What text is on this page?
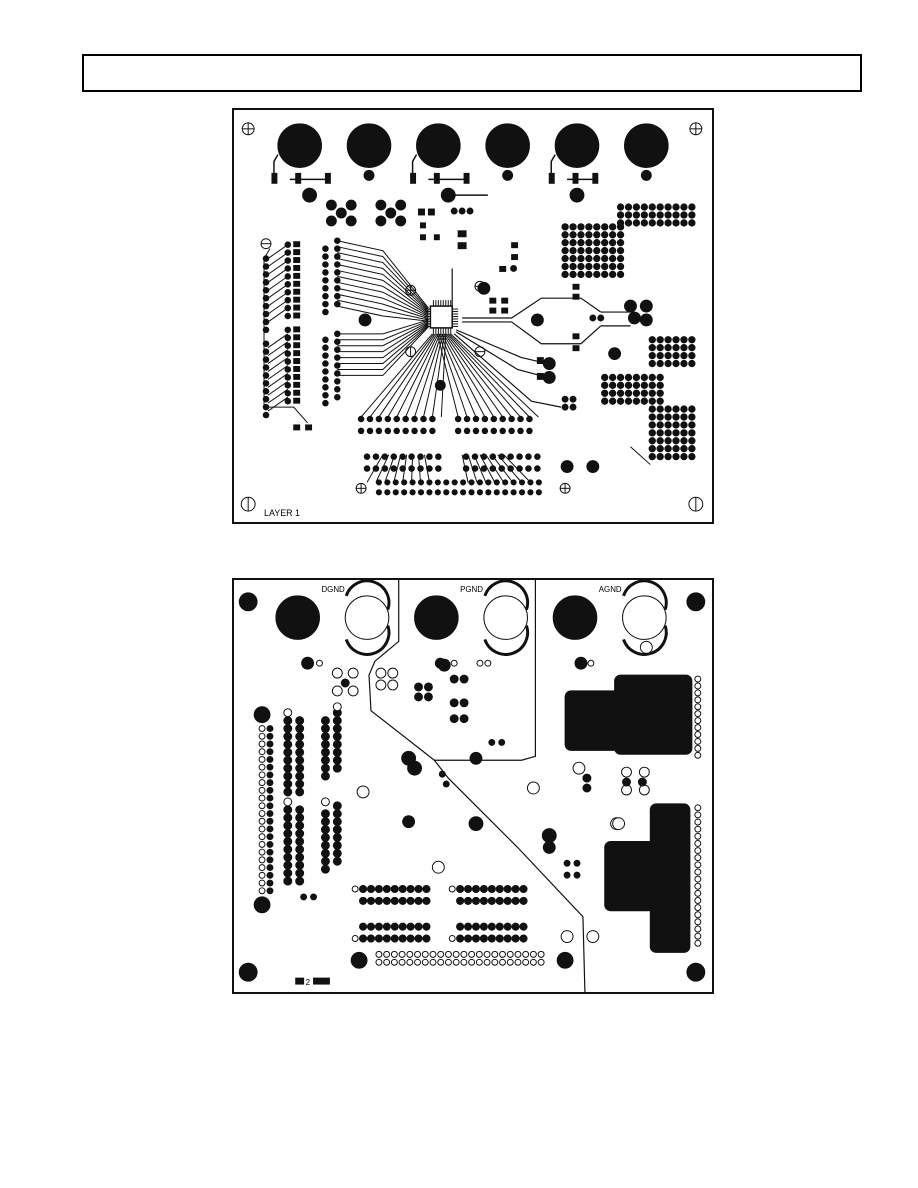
LAYER 1
DGND	PGND	AGND
2
